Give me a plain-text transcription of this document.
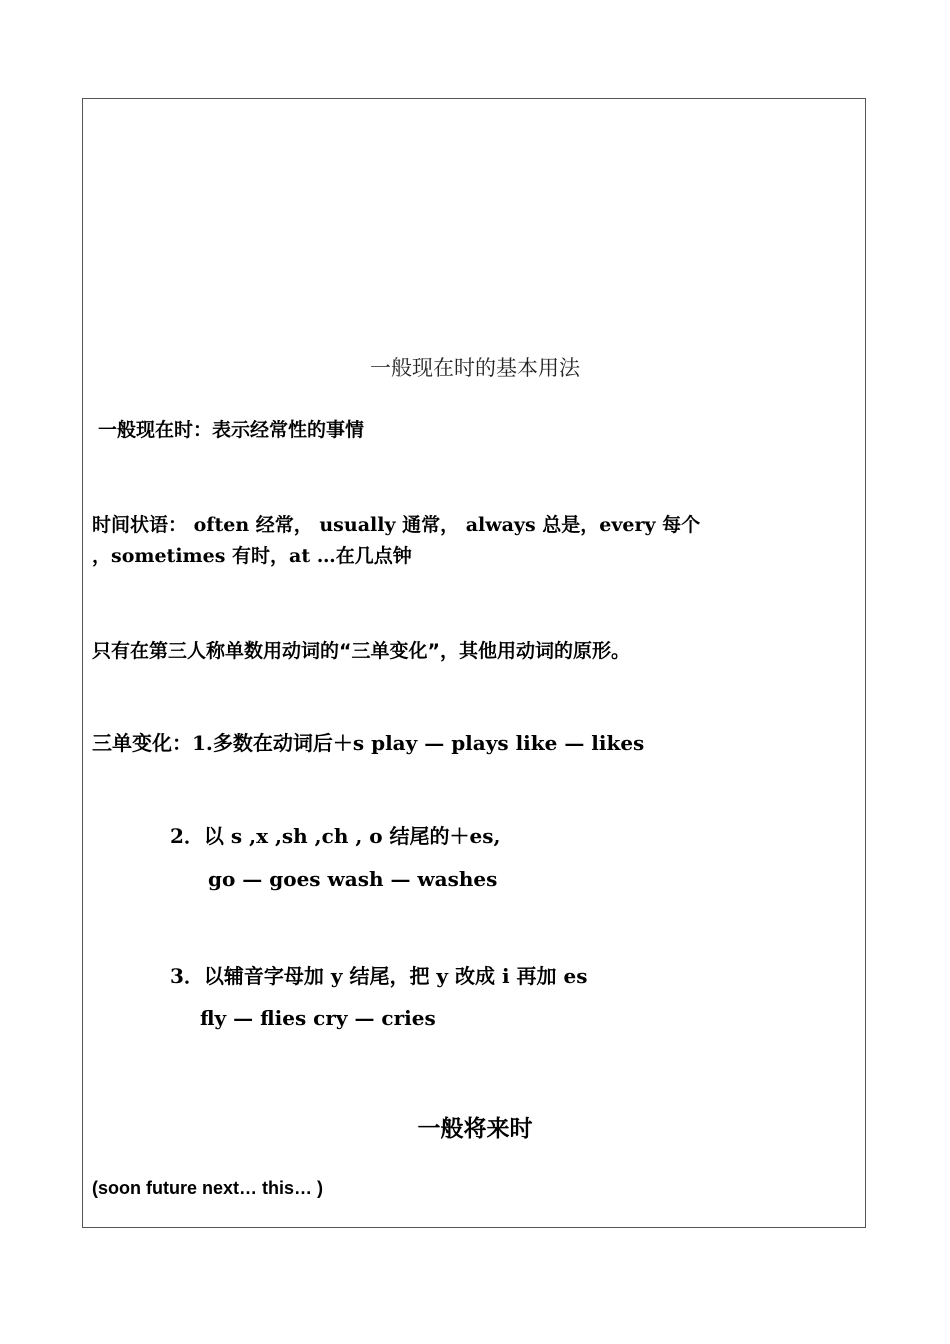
一般现在时的基本用法
一般现在时：表示经常性的事情
时间状语： often 经常， usually 通常， always 总是，every 每个
，sometimes 有时，at …在几点钟
只有在第三人称单数用动词的“三单变化”，其他用动词的原形。
三单变化：1.多数在动词后＋s play — plays like — likes
2．以 s ,x ,sh ,ch , o 结尾的＋es,
go — goes wash — washes
3．以辅音字母加 y 结尾，把 y 改成 i 再加 es
fly — flies cry — cries
一般将来时
(soon future next… this… )
